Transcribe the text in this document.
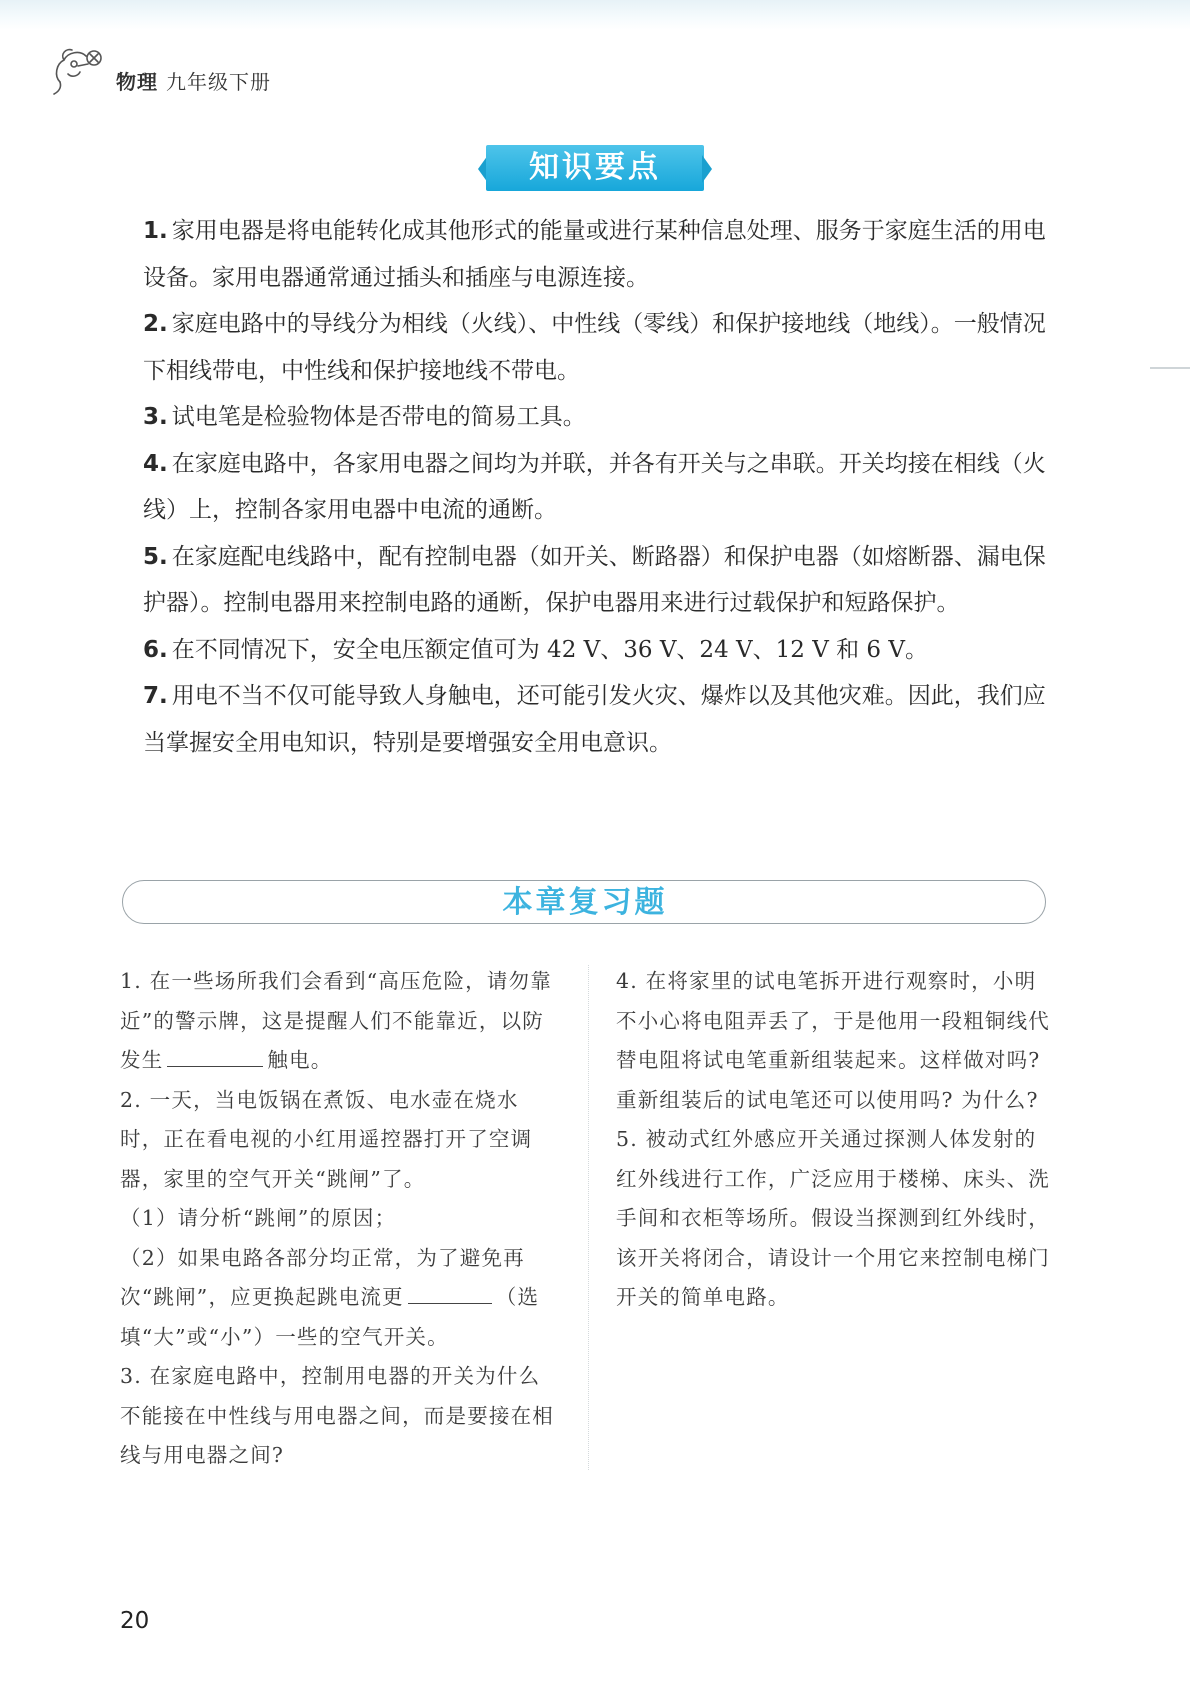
物理 九年级下册
知识要点

1. 家用电器是将电能转化成其他形式的能量或进行某种信息处理、服务于家庭生活的用电设备。家用电器通常通过插头和插座与电源连接。

2. 家庭电路中的导线分为相线（火线）、中性线（零线）和保护接地线（地线）。一般情况下相线带电，中性线和保护接地线不带电。

3. 试电笔是检验物体是否带电的简易工具。

4. 在家庭电路中，各家用电器之间均为并联，并各有开关与之串联。开关均接在相线（火线）上，控制各家用电器中电流的通断。

5. 在家庭配电线路中，配有控制电器（如开关、断路器）和保护电器（如熔断器、漏电保护器）。控制电器用来控制电路的通断，保护电器用来进行过载保护和短路保护。

6. 在不同情况下，安全电压额定值可为 42 V、36 V、24 V、12 V 和 6 V。

7. 用电不当不仅可能导致人身触电，还可能引发火灾、爆炸以及其他灾难。因此，我们应当掌握安全用电知识，特别是要增强安全用电意识。

本章复习题

1. 在一些场所我们会看到“高压危险，请勿靠近”的警示牌，这是提醒人们不能靠近，以防发生	触电。

2. 一天，当电饭锅在煮饭、电水壶在烧水时，正在看电视的小红用遥控器打开了空调器，家里的空气开关“跳闸”了。

（1）请分析“跳闸”的原因；

（2）如果电路各部分均正常，为了避免再次“跳闸”，应更换起跳电流更	（选填“大”或“小”）一些的空气开关。

3. 在家庭电路中，控制用电器的开关为什么不能接在中性线与用电器之间，而是要接在相线与用电器之间?

4. 在将家里的试电笔拆开进行观察时，小明不小心将电阻弄丢了，于是他用一段粗铜线代替电阻将试电笔重新组装起来。这样做对吗? 重新组装后的试电笔还可以使用吗? 为什么?

5. 被动式红外感应开关通过探测人体发射的红外线进行工作，广泛应用于楼梯、床头、洗手间和衣柜等场所。假设当探测到红外线时，该开关将闭合，请设计一个用它来控制电梯门开关的简单电路。

20
